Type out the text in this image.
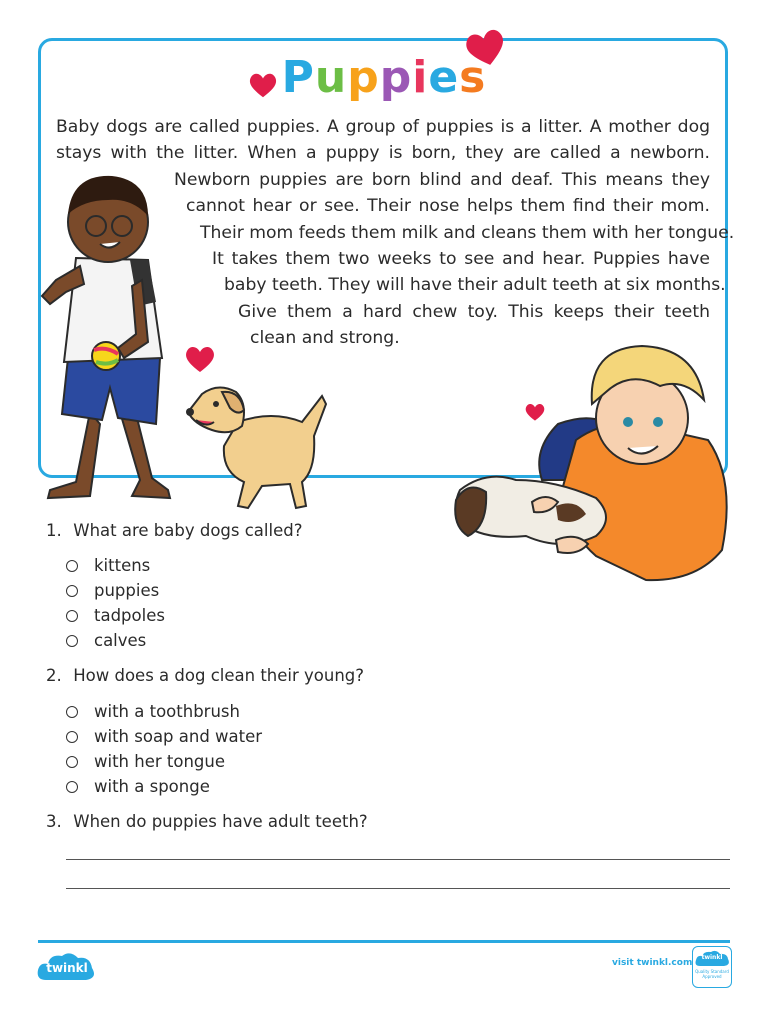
Puppies
Baby dogs are called puppies. A group of puppies is a litter. A mother dog
stays with the litter. When a puppy is born, they are called a newborn.
Newborn puppies are born blind and deaf. This means they
cannot hear or see. Their nose helps them find their mom.
Their mom feeds them milk and cleans them with her tongue.
It takes them two weeks to see and hear. Puppies have
baby teeth. They will have their adult teeth at six months.
Give them a hard chew toy. This keeps their teeth
clean and strong.
1. What are baby dogs called?
kittens
puppies
tadpoles
calves
2. How does a dog clean their young?
with a toothbrush
with soap and water
with her tongue
with a sponge
3. When do puppies have adult teeth?
twinkl	visit twinkl.com
twinkl
Quality Standard Approved
